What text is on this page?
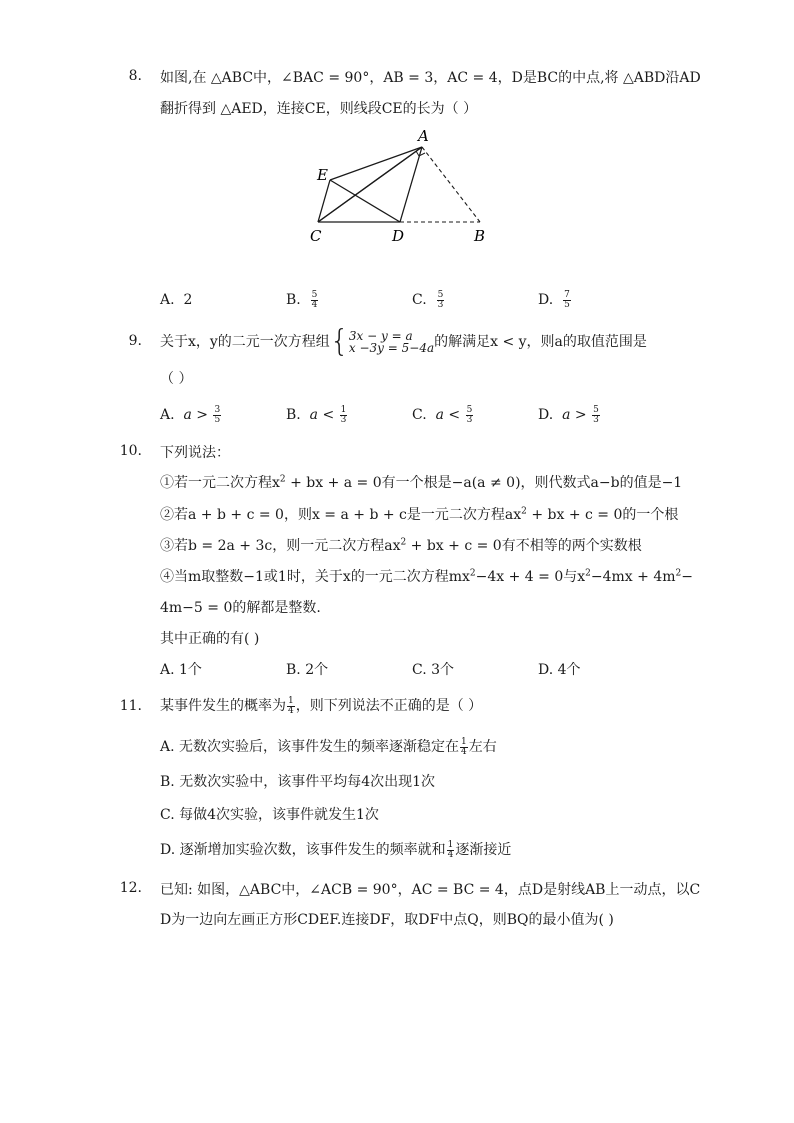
8. 如图,在 △ABC中，∠BAC = 90°，AB = 3，AC = 4，D是BC的中点,将 △ABD沿AD
翻折得到 △AED，连接CE，则线段CE的长为（ ）
A
E
C	D	B
A. 2	B. $\frac{5}{4}$	C. $\frac{5}{3}$	D. $\frac{7}{5}$
9. 关于x，y的二元一次方程组{ 3x − y = a
x −3y = 5−4a 的解满足x < y，则a的取值范围是
（ ）
A. $a > \frac{3}{5}$	B. $a < \frac{1}{3}$	C. $a < \frac{5}{3}$	D. $a > \frac{5}{3}$
10. 下列说法：
①若一元二次方程$x^2$ + bx + a = 0有一个根是−a(a ≠ 0)，则代数式a−b的值是−1
②若a + b + c = 0，则x = a + b + c是一元二次方程$ax^2$ + bx + c = 0的一个根
③若b = 2a + 3c，则一元二次方程$ax^2$ + bx + c = 0有不相等的两个实数根
④当m取整数−1或1时，关于x的一元二次方程$mx^2-4x + 4 = 0$与$x^2-4mx + 4m^2-$
4m−5 = 0的解都是整数.
其中正确的有( )
A. 1个	B. 2个	C. 3个	D. 4个
11. 某事件发生的概率为 $\frac{1}{4}$ ，则下列说法不正确的是（ ）
A. 无数次实验后，该事件发生的频率逐渐稳定在 $\frac{1}{4}$ 左右
B. 无数次实验中，该事件平均每4次出现1次
C. 每做4次实验，该事件就发生1次
D. 逐渐增加实验次数，该事件发生的频率就和 $\frac{1}{4}$ 逐渐接近
12. 已知: 如图，△ABC中，∠ACB = 90°，AC = BC = 4，点D是射线AB上一动点，以C
D为一边向左画正方形CDEF.连接DF，取DF中点Q，则BQ的最小值为( )
